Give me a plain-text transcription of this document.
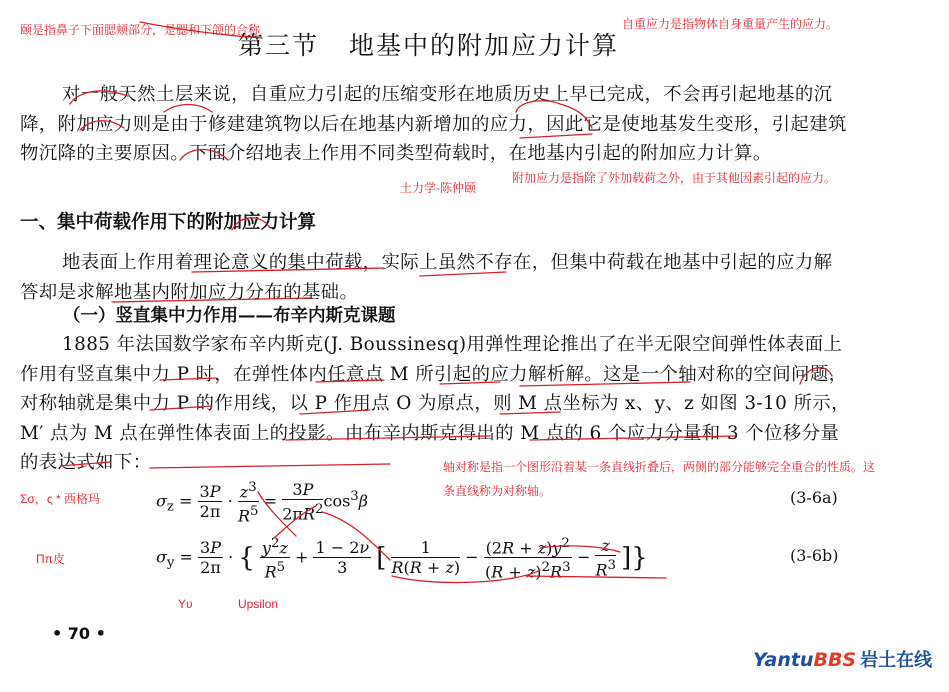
颐是指鼻子下面腮颊部分，是腮和下颌的合称	自重应力是指物体自身重量产生的应力。
土力学-陈仲颐
附加应力是指除了外加载荷之外，由于其他因素引起的应力。
轴对称是指一个图形沿着某一条直线折叠后，两侧的部分能够完全重合的性质。这条直线称为对称轴。
Σσ，ς * 西格玛
Ππ皮
Υυ	Upsilon
第三节 地基中的附加应力计算
对一般天然土层来说，自重应力引起的压缩变形在地质历史上早已完成，不会再引起地基的沉降，附加应力则是由于修建建筑物以后在地基内新增加的应力，因此它是使地基发生变形，引起建筑物沉降的主要原因。下面介绍地表上作用不同类型荷载时，在地基内引起的附加应力计算。
一、集中荷载作用下的附加应力计算
地表面上作用着理论意义的集中荷载，实际上虽然不存在，但集中荷载在地基中引起的应力解答却是求解地基内附加应力分布的基础。
（一）竖直集中力作用——布辛内斯克课题
1885 年法国数学家布辛内斯克(J. Boussinesq)用弹性理论推出了在半无限空间弹性体表面上作用有竖直集中力 P 时，在弹性体内任意点 M 所引起的应力解析解。这是一个轴对称的空间问题，对称轴就是集中力 P 的作用线，以 P 作用点 O 为原点，则 M 点坐标为 x、y、z 如图 3-10 所示，M′ 点为 M 点在弹性体表面上的投影。由布辛内斯克得出的 M 点的 6 个应力分量和 3 个位移分量的表达式如下：
$\sigma_z = \frac{3P}{2\pi} \cdot \frac{z^3}{R^5} = \frac{3P}{2\pi R^2} \cos^3\beta$	(3-6a)
$\sigma_y = \frac{3P}{2\pi}$ · { $\frac{y^2z}{R^5} + \frac{1 - 2\nu}{3}$ [ $\frac{1}{R(R + z)} - \frac{(2R + z)y^2}{(R + z)^2R^3} - \frac{z}{R^3}$ ]}	(3-6b)
• 70 •
YantuBBS 岩土在线
